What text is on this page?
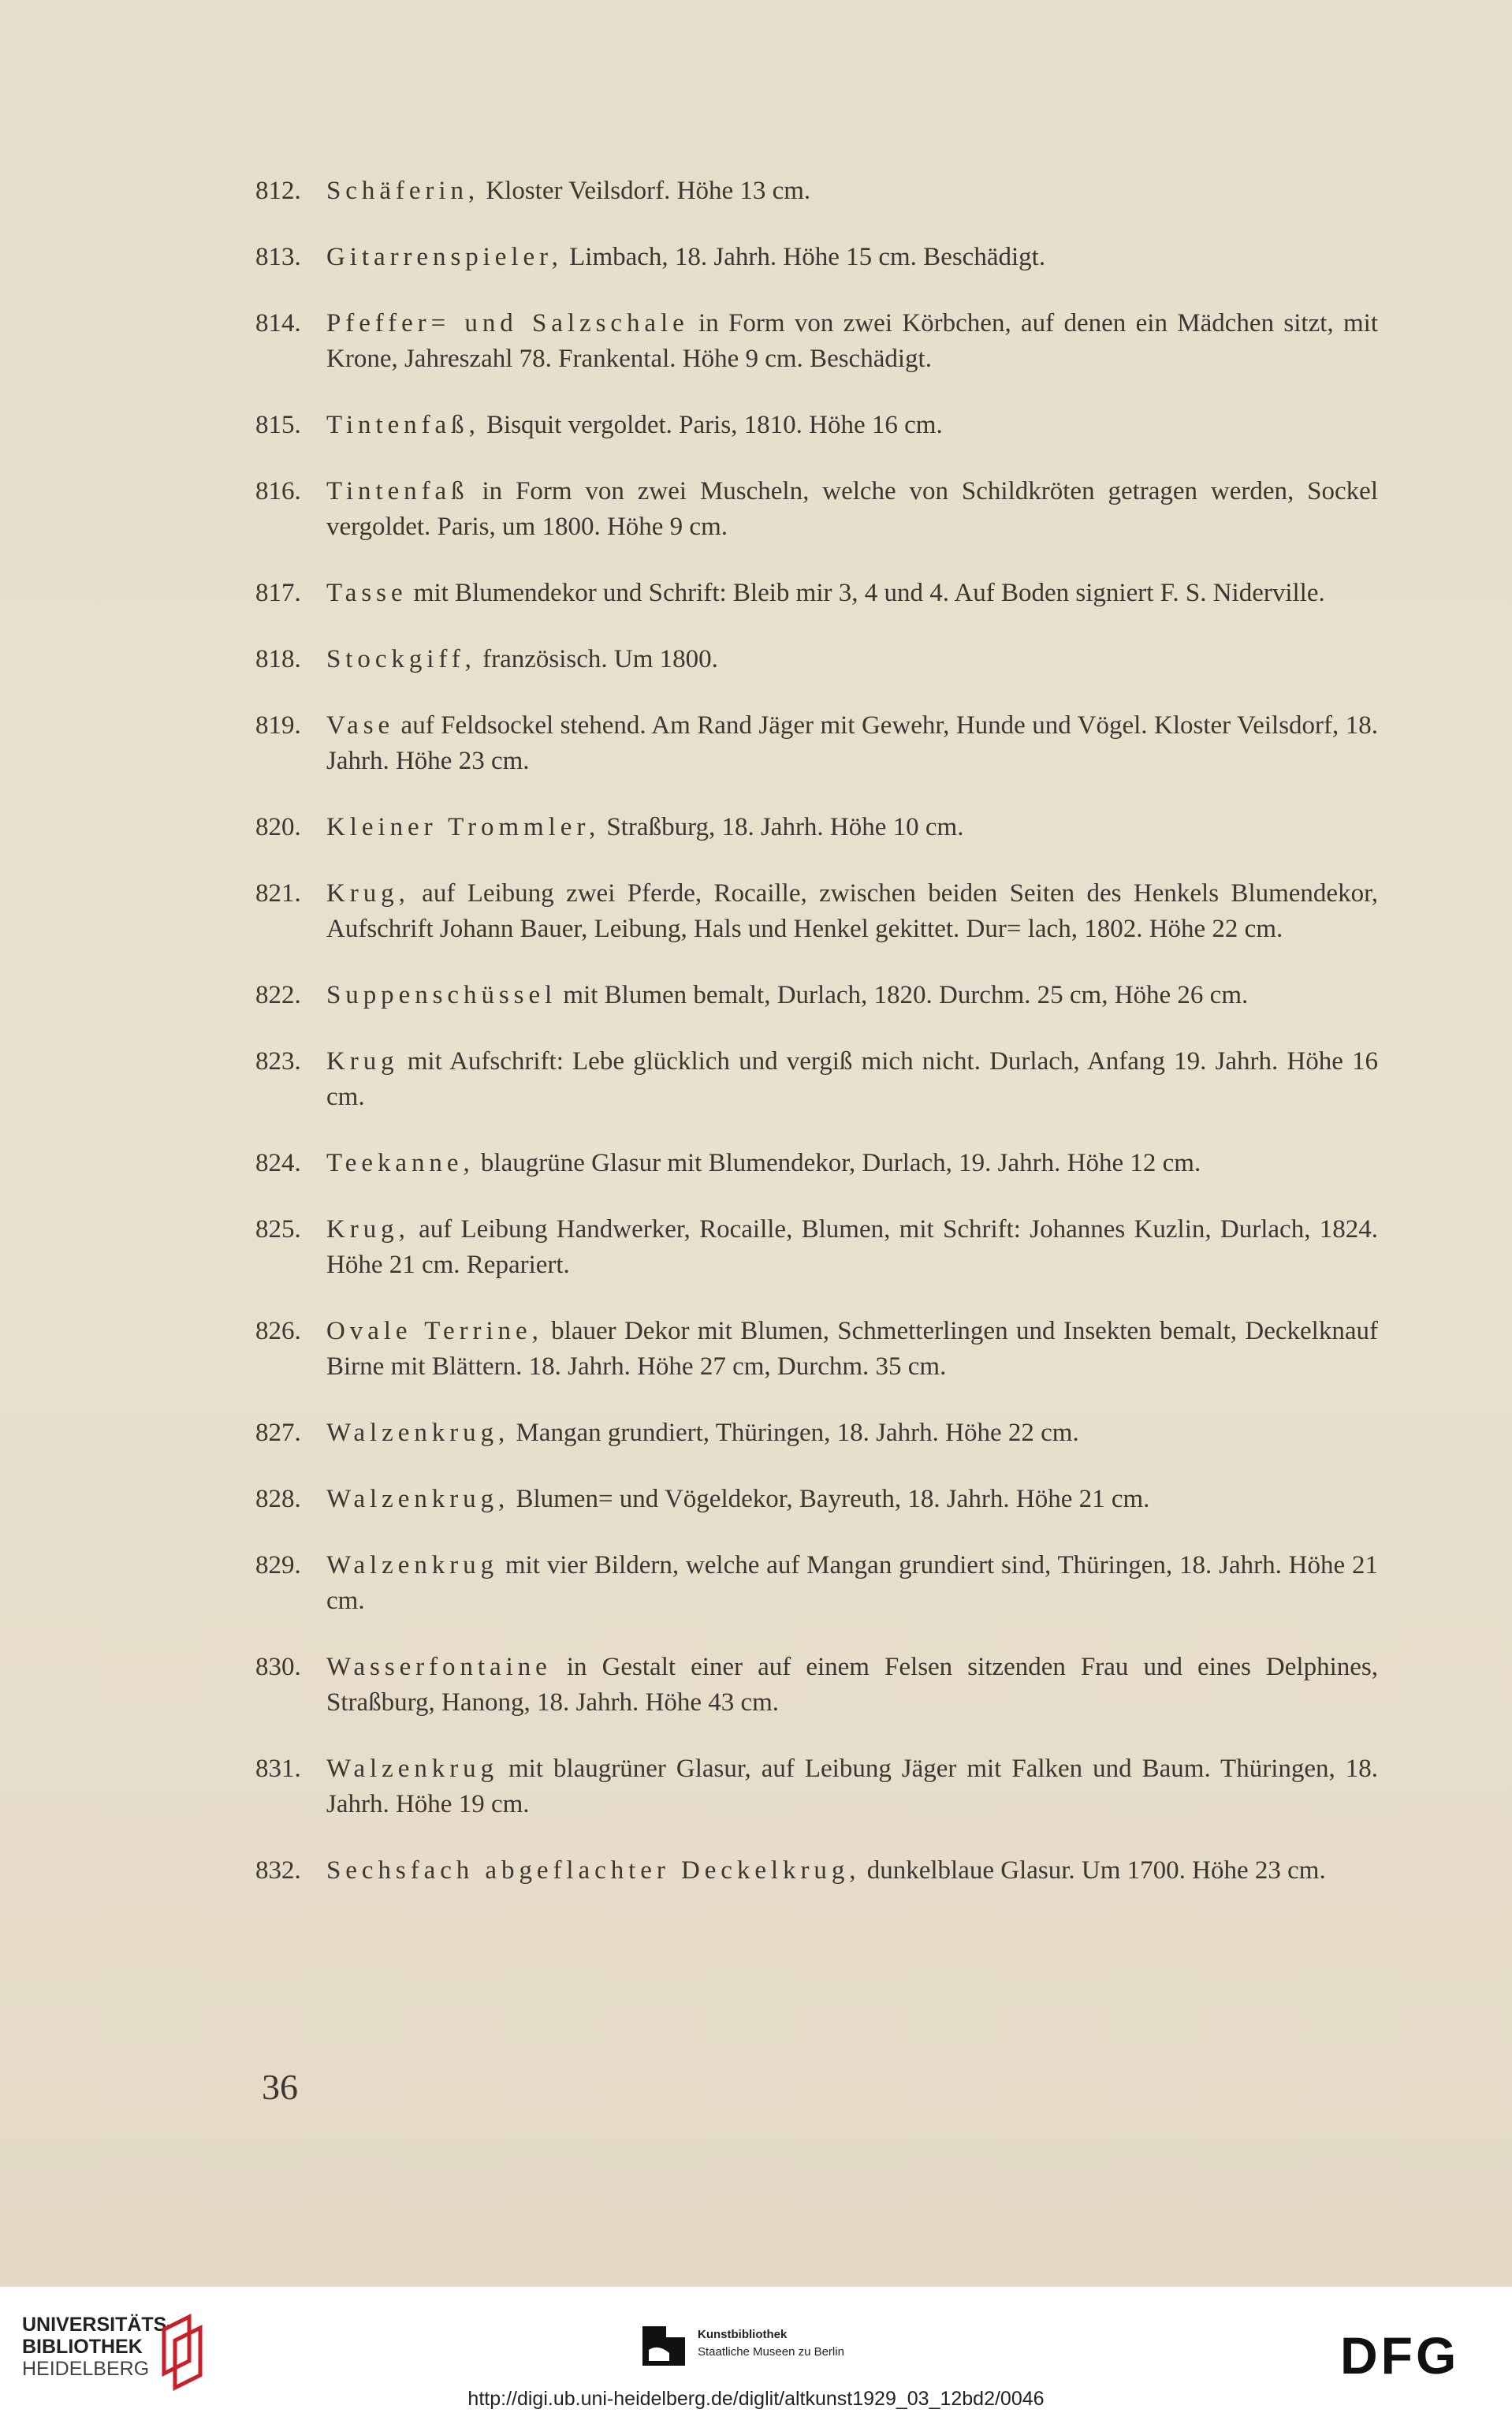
812. Schäferin, Kloster Veilsdorf. Höhe 13 cm.
813. Gitarrenspieler, Limbach, 18. Jahrh. Höhe 15 cm. Beschädigt.
814. Pfeffer= und Salzschale in Form von zwei Körbchen, auf denen ein Mädchen sitzt, mit Krone, Jahreszahl 78. Frankental. Höhe 9 cm. Beschädigt.
815. Tintenfaß, Bisquit vergoldet. Paris, 1810. Höhe 16 cm.
816. Tintenfaß in Form von zwei Muscheln, welche von Schildkröten getragen werden, Sockel vergoldet. Paris, um 1800. Höhe 9 cm.
817. Tasse mit Blumendekor und Schrift: Bleib mir 3, 4 und 4. Auf Boden signiert F. S. Niderville.
818. Stockgiff, französisch. Um 1800.
819. Vase auf Feldsockel stehend. Am Rand Jäger mit Gewehr, Hunde und Vögel. Kloster Veilsdorf, 18. Jahrh. Höhe 23 cm.
820. Kleiner Trommler, Straßburg, 18. Jahrh. Höhe 10 cm.
821. Krug, auf Leibung zwei Pferde, Rocaille, zwischen beiden Seiten des Henkels Blumendekor, Aufschrift Johann Bauer, Leibung, Hals und Henkel gekittet. Dur= lach, 1802. Höhe 22 cm.
822. Suppenschüssel mit Blumen bemalt, Durlach, 1820. Durchm. 25 cm, Höhe 26 cm.
823. Krug mit Aufschrift: Lebe glücklich und vergiß mich nicht. Durlach, Anfang 19. Jahrh. Höhe 16 cm.
824. Teekanne, blaugrüne Glasur mit Blumendekor, Durlach, 19. Jahrh. Höhe 12 cm.
825. Krug, auf Leibung Handwerker, Rocaille, Blumen, mit Schrift: Johannes Kuzlin, Durlach, 1824. Höhe 21 cm. Repariert.
826. Ovale Terrine, blauer Dekor mit Blumen, Schmetterlingen und Insekten bemalt, Deckelknauf Birne mit Blättern. 18. Jahrh. Höhe 27 cm, Durchm. 35 cm.
827. Walzenkrug, Mangan grundiert, Thüringen, 18. Jahrh. Höhe 22 cm.
828. Walzenkrug, Blumen= und Vögeldekor, Bayreuth, 18. Jahrh. Höhe 21 cm.
829. Walzenkrug mit vier Bildern, welche auf Mangan grundiert sind, Thüringen, 18. Jahrh. Höhe 21 cm.
830. Wasserfontaine in Gestalt einer auf einem Felsen sitzenden Frau und eines Delphines, Straßburg, Hanong, 18. Jahrh. Höhe 43 cm.
831. Walzenkrug mit blaugrüner Glasur, auf Leibung Jäger mit Falken und Baum. Thüringen, 18. Jahrh. Höhe 19 cm.
832. Sechsfach abgeflachter Deckelkrug, dunkelblaue Glasur. Um 1700. Höhe 23 cm.
36
UNIVERSITÄTS-
BIBLIOTHEK
HEIDELBERG
Kunstbibliothek
Staatliche Museen zu Berlin	DFG
http://digi.ub.uni-heidelberg.de/diglit/altkunst1929_03_12bd2/0046
